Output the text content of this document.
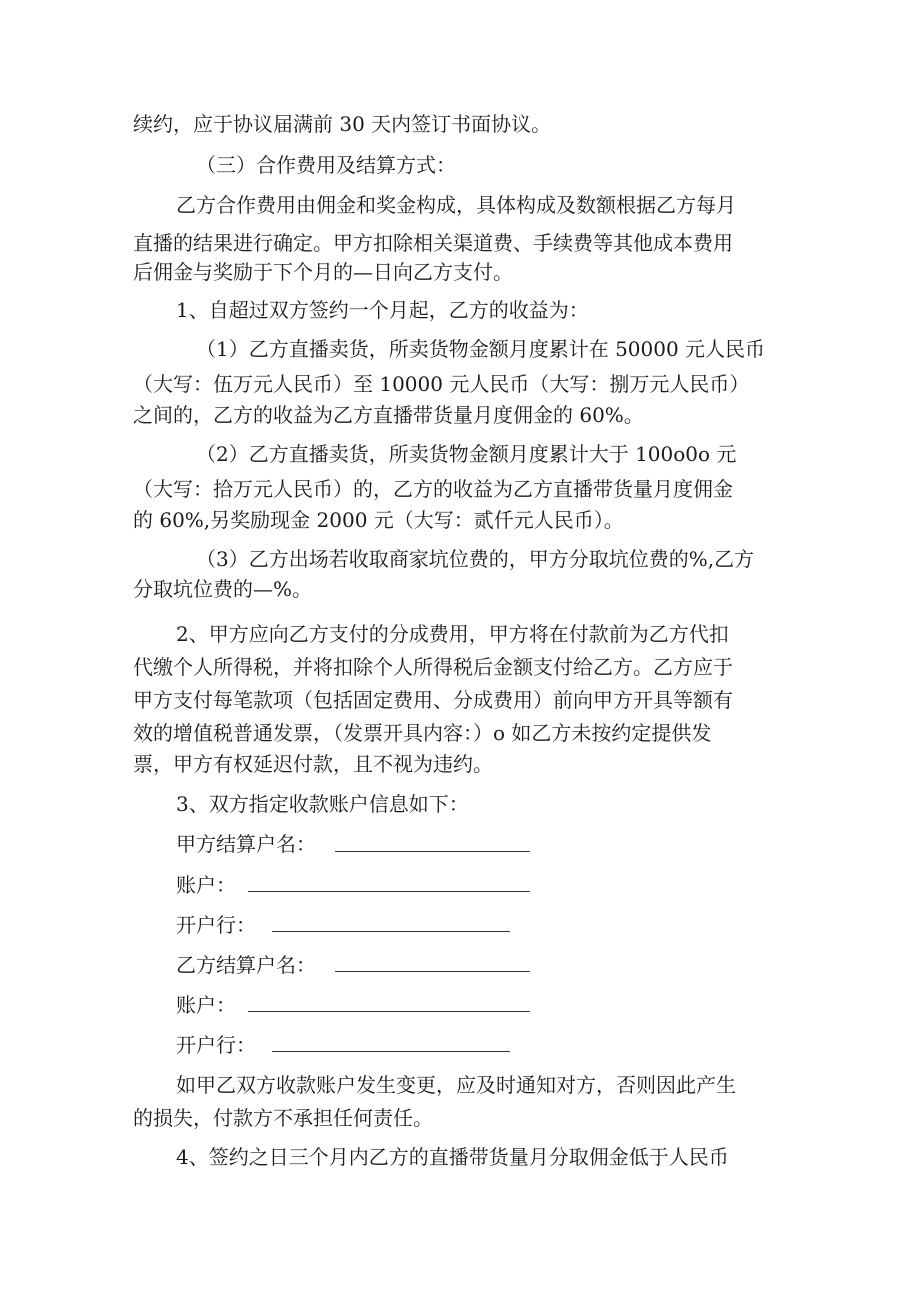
续约，应于协议届满前 30 天内签订书面协议。
（三）合作费用及结算方式：
乙方合作费用由佣金和奖金构成，具体构成及数额根据乙方每月
直播的结果进行确定。甲方扣除相关渠道费、手续费等其他成本费用
后佣金与奖励于下个月的—日向乙方支付。
1、自超过双方签约一个月起，乙方的收益为：
（1）乙方直播卖货，所卖货物金额月度累计在 50000 元人民币
（大写：伍万元人民币）至 10000 元人民币（大写：捌万元人民币）
之间的，乙方的收益为乙方直播带货量月度佣金的 60%。
（2）乙方直播卖货，所卖货物金额月度累计大于 100o0o 元
（大写：拾万元人民币）的，乙方的收益为乙方直播带货量月度佣金
的 60%,另奖励现金 2000 元（大写：贰仟元人民币）。
（3）乙方出场若收取商家坑位费的，甲方分取坑位费的%,乙方
分取坑位费的—%。
2、甲方应向乙方支付的分成费用，甲方将在付款前为乙方代扣
代缴个人所得税，并将扣除个人所得税后金额支付给乙方。乙方应于
甲方支付每笔款项（包括固定费用、分成费用）前向甲方开具等额有
效的增值税普通发票，（发票开具内容：）o 如乙方未按约定提供发
票，甲方有权延迟付款，且不视为违约。
3、双方指定收款账户信息如下：
甲方结算户名：
账户：
开户行：
乙方结算户名：
账户：
开户行：
如甲乙双方收款账户发生变更，应及时通知对方，否则因此产生
的损失，付款方不承担任何责任。
4、签约之日三个月内乙方的直播带货量月分取佣金低于人民币
